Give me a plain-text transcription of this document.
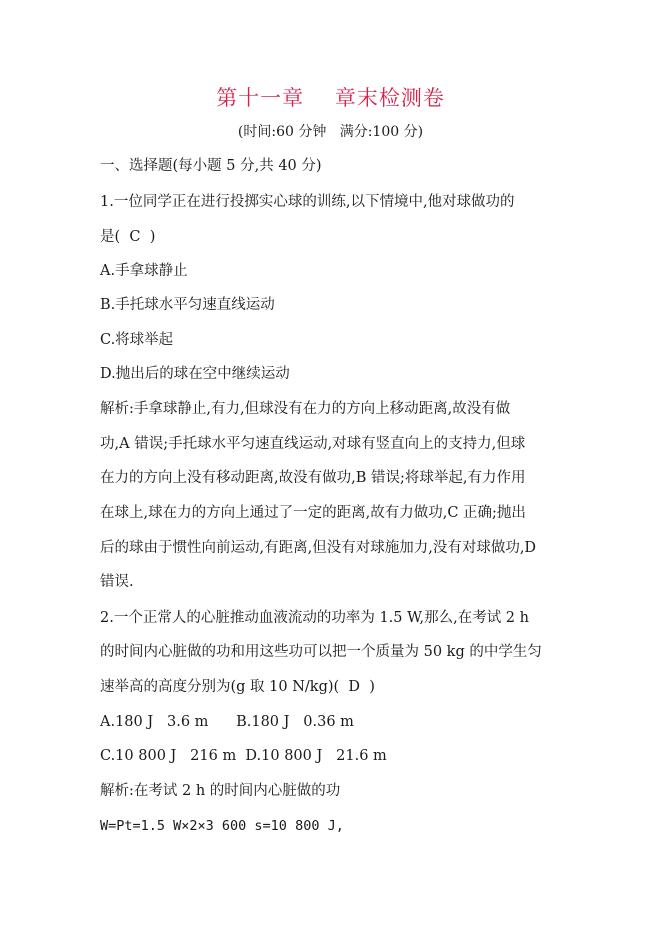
第十一章    章末检测卷
(时间:60 分钟   满分:100 分)
一、选择题(每小题 5 分,共 40 分)
1.一位同学正在进行投掷实心球的训练,以下情境中,他对球做功的
是(  C  )
A.手拿球静止
B.手托球水平匀速直线运动
C.将球举起
D.抛出后的球在空中继续运动
解析:手拿球静止,有力,但球没有在力的方向上移动距离,故没有做
功,A 错误;手托球水平匀速直线运动,对球有竖直向上的支持力,但球
在力的方向上没有移动距离,故没有做功,B 错误;将球举起,有力作用
在球上,球在力的方向上通过了一定的距离,故有力做功,C 正确;抛出
后的球由于惯性向前运动,有距离,但没有对球施加力,没有对球做功,D
错误.
2.一个正常人的心脏推动血液流动的功率为 1.5 W,那么,在考试 2 h
的时间内心脏做的功和用这些功可以把一个质量为 50 kg 的中学生匀
速举高的高度分别为(g 取 10 N/kg)(  D  )
A.180 J   3.6 m      B.180 J   0.36 m
C.10 800 J   216 m  D.10 800 J   21.6 m
解析:在考试 2 h 的时间内心脏做的功
W=Pt=1.5 W×2×3 600 s=10 800 J,
